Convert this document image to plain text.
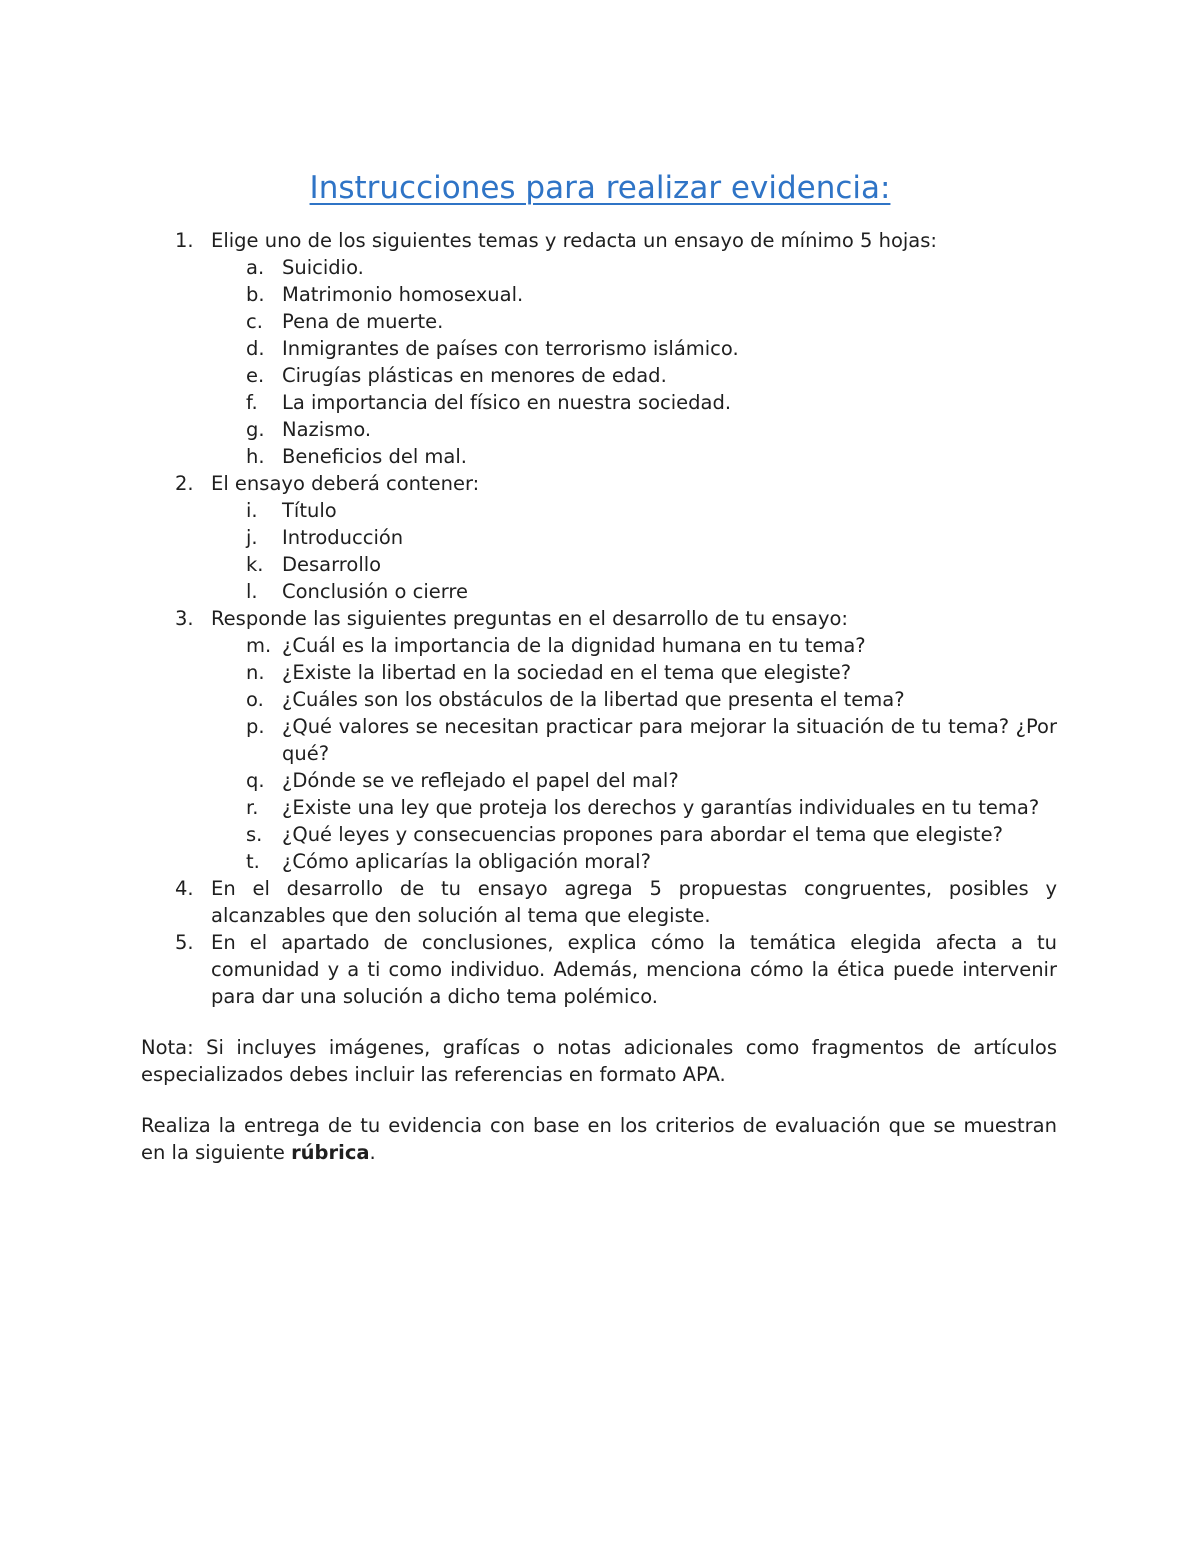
Instrucciones para realizar evidencia:
1. Elige uno de los siguientes temas y redacta un ensayo de mínimo 5 hojas:
a. Suicidio.
b. Matrimonio homosexual.
c. Pena de muerte.
d. Inmigrantes de países con terrorismo islámico.
e. Cirugías plásticas en menores de edad.
f. La importancia del físico en nuestra sociedad.
g. Nazismo.
h. Beneficios del mal.
2. El ensayo deberá contener:
i. Título
j. Introducción
k. Desarrollo
l. Conclusión o cierre
3. Responde las siguientes preguntas en el desarrollo de tu ensayo:
m. ¿Cuál es la importancia de la dignidad humana en tu tema?
n. ¿Existe la libertad en la sociedad en el tema que elegiste?
o. ¿Cuáles son los obstáculos de la libertad que presenta el tema?
p. ¿Qué valores se necesitan practicar para mejorar la situación de tu tema? ¿Por qué?
q. ¿Dónde se ve reflejado el papel del mal?
r. ¿Existe una ley que proteja los derechos y garantías individuales en tu tema?
s. ¿Qué leyes y consecuencias propones para abordar el tema que elegiste?
t. ¿Cómo aplicarías la obligación moral?
4. En el desarrollo de tu ensayo agrega 5 propuestas congruentes, posibles y alcanzables que den solución al tema que elegiste.
5. En el apartado de conclusiones, explica cómo la temática elegida afecta a tu comunidad y a ti como individuo. Además, menciona cómo la ética puede intervenir para dar una solución a dicho tema polémico.

Nota: Si incluyes imágenes, grafícas o notas adicionales como fragmentos de artículos especializados debes incluir las referencias en formato APA.

Realiza la entrega de tu evidencia con base en los criterios de evaluación que se muestran en la siguiente rúbrica.
